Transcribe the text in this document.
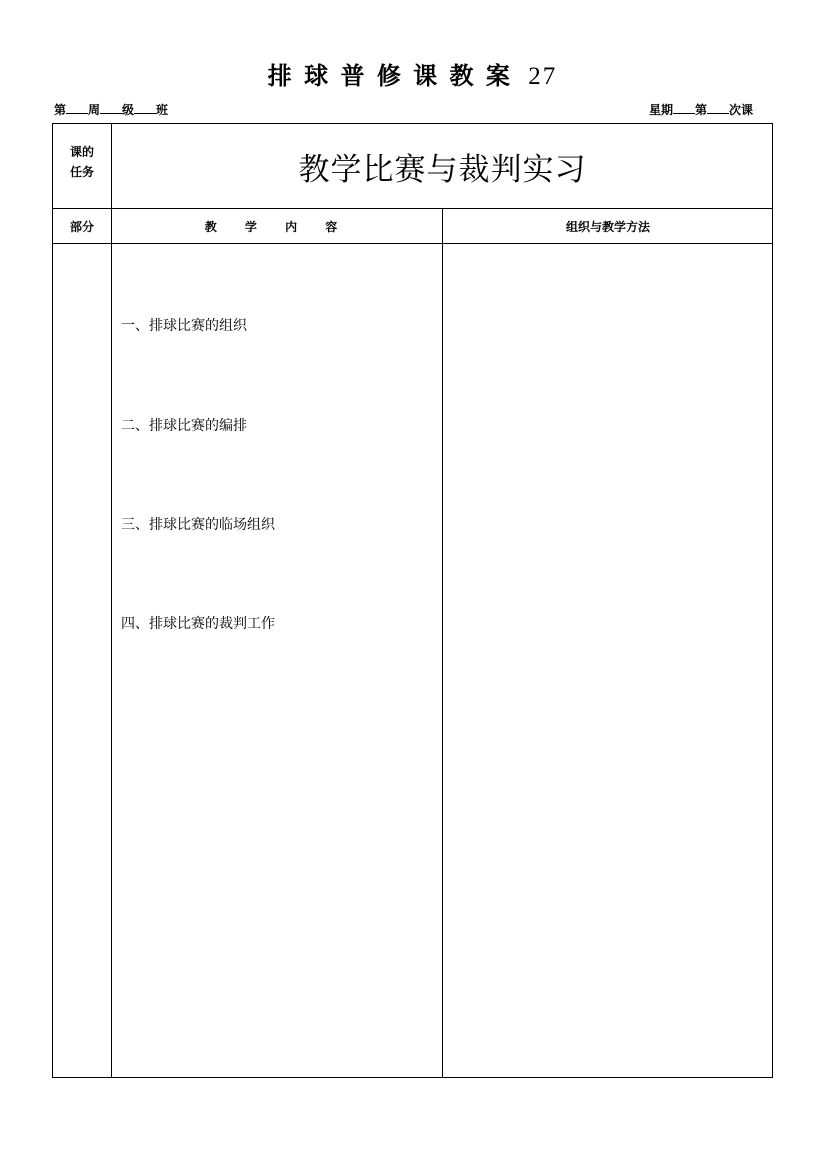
排 球 普 修 课 教 案 27
第 周 级 班	星期 第 次课
课的
任务	教学比赛与裁判实习
部分	教 学 内 容	组织与教学方法
一、排球比赛的组织
二、排球比赛的编排
三、排球比赛的临场组织
四、排球比赛的裁判工作
